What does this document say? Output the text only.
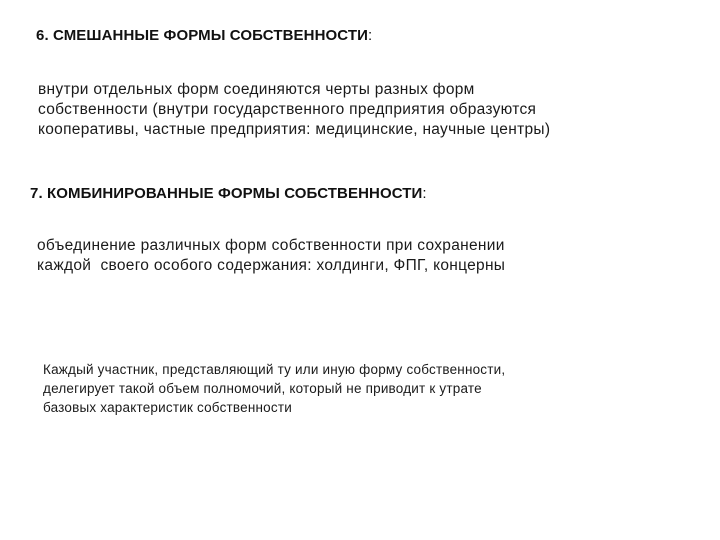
6. СМЕШАННЫЕ ФОРМЫ СОБСТВЕННОСТИ:

внутри отдельных форм соединяются черты разных форм
собственности (внутри государственного предприятия образуются
кооперативы, частные предприятия: медицинские, научные центры)

7. КОМБИНИРОВАННЫЕ ФОРМЫ СОБСТВЕННОСТИ:

объединение различных форм собственности при сохранении
каждой  своего особого содержания: холдинги, ФПГ, концерны

Каждый участник, представляющий ту или иную форму собственности,
делегирует такой объем полномочий, который не приводит к утрате
базовых характеристик собственности
